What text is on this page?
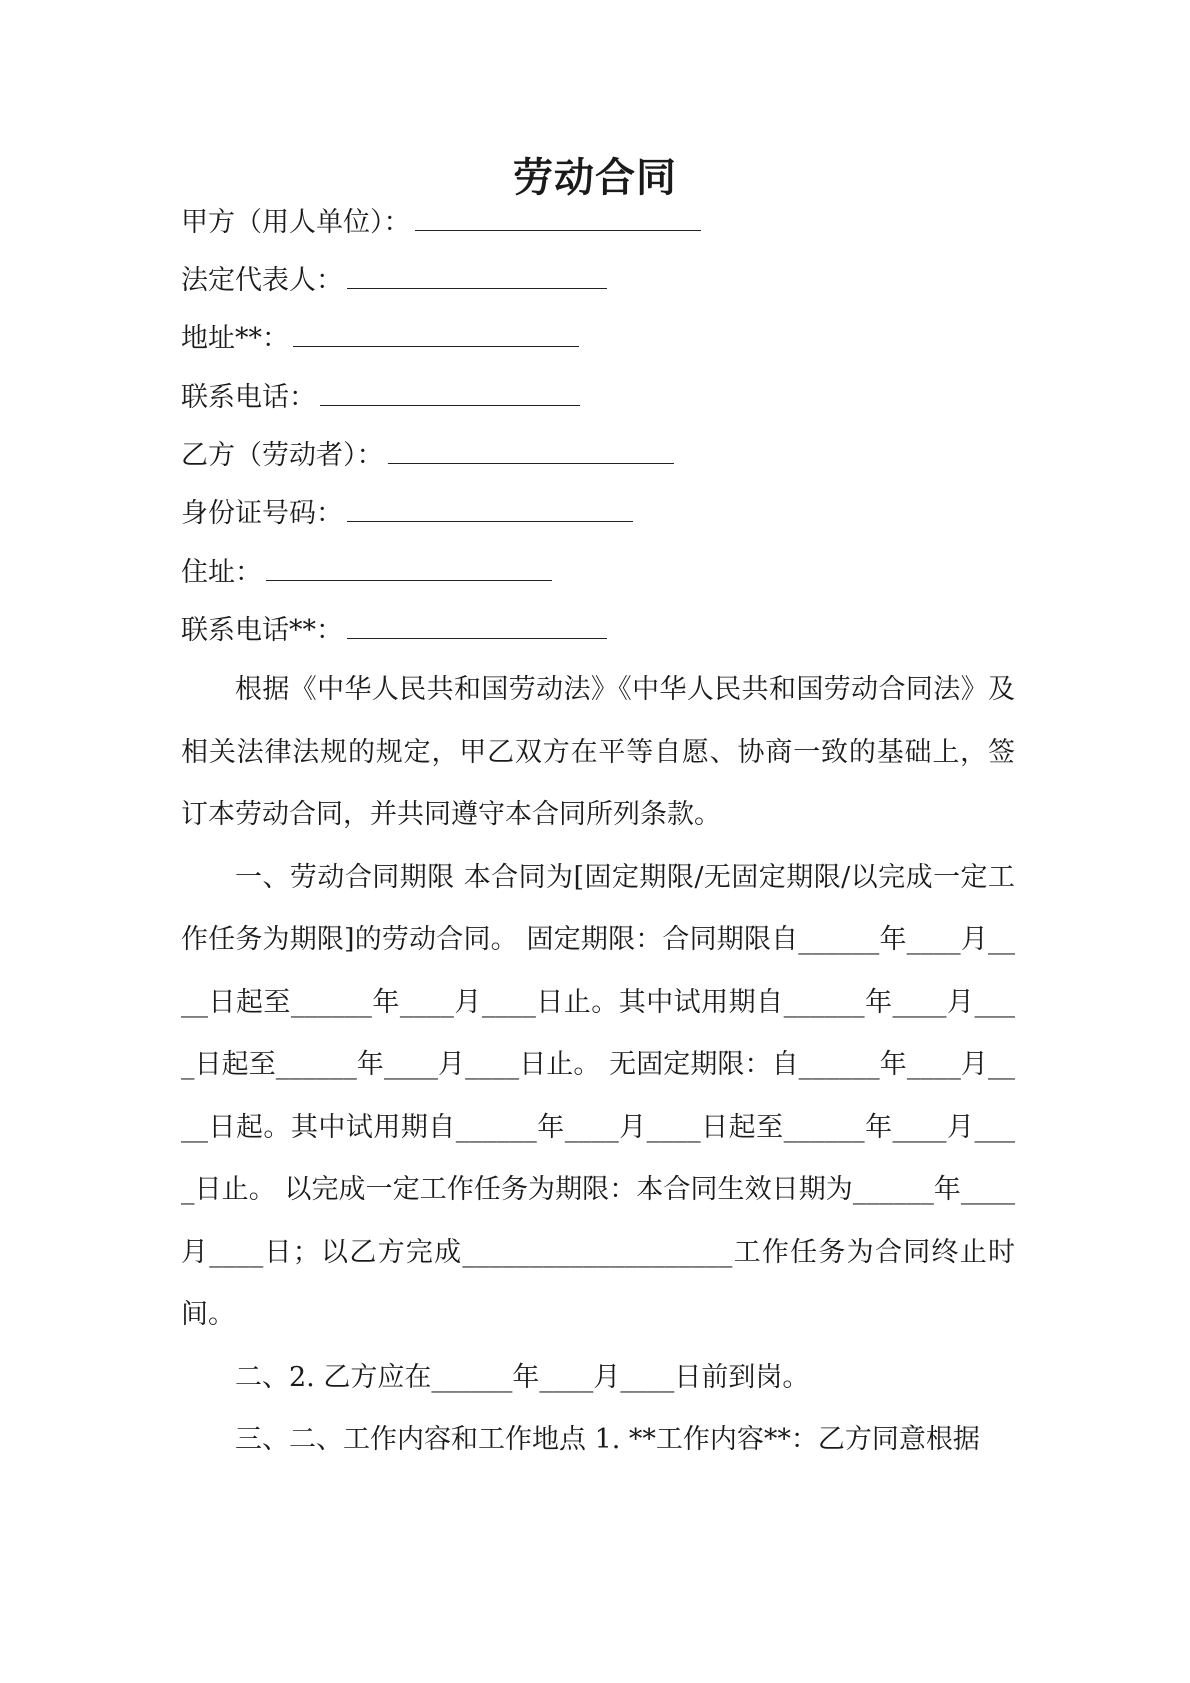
劳动合同
甲方（用人单位）：
法定代表人：
地址**：
联系电话：
乙方（劳动者）：
身份证号码：
住址：
联系电话**：

根据《中华人民共和国劳动法》《中华人民共和国劳动合同法》及相关法律法规的规定，甲乙双方在平等自愿、协商一致的基础上，签订本劳动合同，并共同遵守本合同所列条款。

一、劳动合同期限 本合同为[固定期限/无固定期限/以完成一定工作任务为期限]的劳动合同。 固定期限：合同期限自______年____月____日起至______年____月____日止。其中试用期自______年____月____日起至______年____月____日止。 无固定期限：自______年____月____日起。其中试用期自______年____月____日起至______年____月____日止。 以完成一定工作任务为期限：本合同生效日期为______年____月____日；以乙方完成____________________工作任务为合同终止时间。

二、2. 乙方应在______年____月____日前到岗。

三、二、工作内容和工作地点 1. **工作内容**：乙方同意根据
